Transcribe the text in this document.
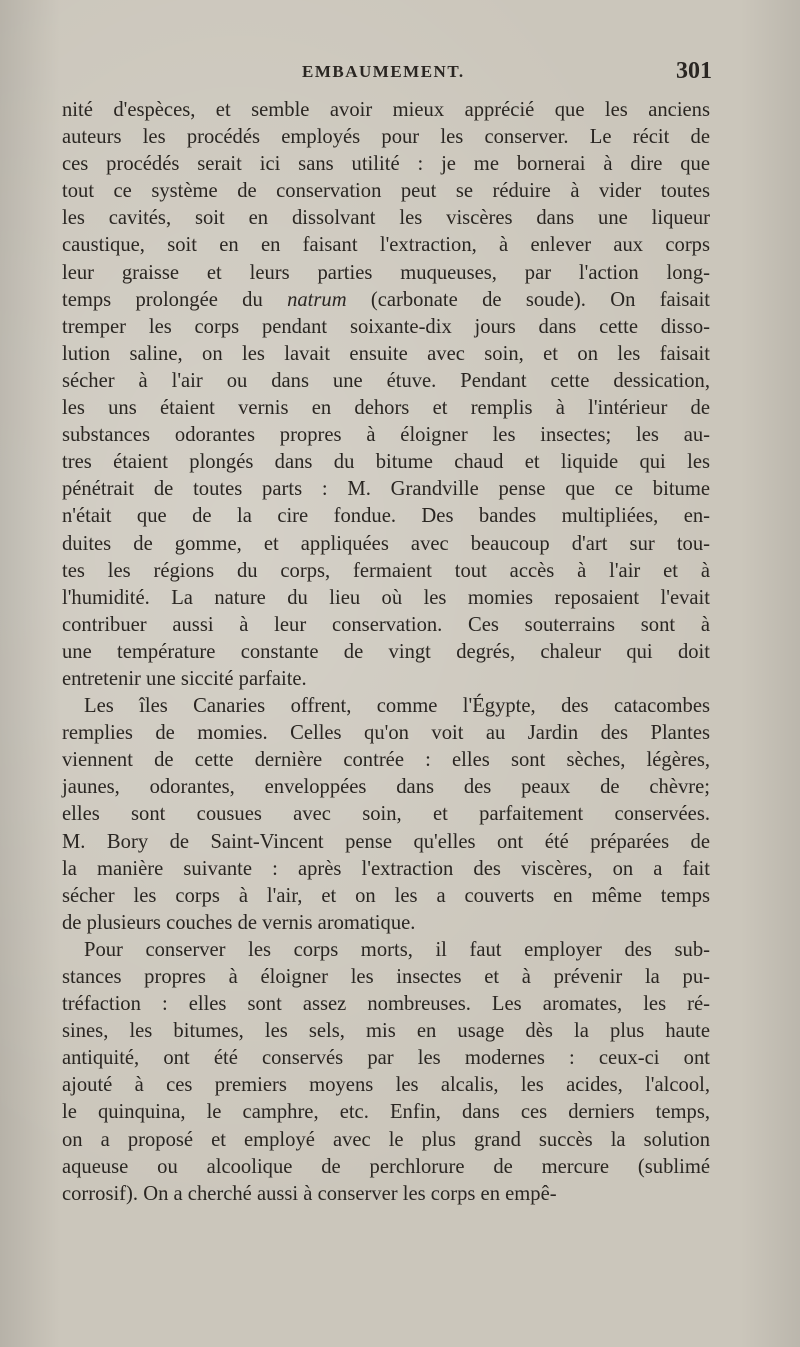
EMBAUMEMENT.	301
nité d'espèces, et semble avoir mieux apprécié que les anciens
auteurs les procédés employés pour les conserver. Le récit de
ces procédés serait ici sans utilité : je me bornerai à dire que
tout ce système de conservation peut se réduire à vider toutes
les cavités, soit en dissolvant les viscères dans une liqueur
caustique, soit en en faisant l'extraction, à enlever aux corps
leur graisse et leurs parties muqueuses, par l'action long-
temps prolongée du natrum (carbonate de soude). On faisait
tremper les corps pendant soixante-dix jours dans cette disso-
lution saline, on les lavait ensuite avec soin, et on les faisait
sécher à l'air ou dans une étuve. Pendant cette dessication,
les uns étaient vernis en dehors et remplis à l'intérieur de
substances odorantes propres à éloigner les insectes; les au-
tres étaient plongés dans du bitume chaud et liquide qui les
pénétrait de toutes parts : M. Grandville pense que ce bitume
n'était que de la cire fondue. Des bandes multipliées, en-
duites de gomme, et appliquées avec beaucoup d'art sur tou-
tes les régions du corps, fermaient tout accès à l'air et à
l'humidité. La nature du lieu où les momies reposaient l'evait
contribuer aussi à leur conservation. Ces souterrains sont à
une température constante de vingt degrés, chaleur qui doit
entretenir une siccité parfaite.
Les îles Canaries offrent, comme l'Égypte, des catacombes
remplies de momies. Celles qu'on voit au Jardin des Plantes
viennent de cette dernière contrée : elles sont sèches, légères,
jaunes, odorantes, enveloppées dans des peaux de chèvre;
elles sont cousues avec soin, et parfaitement conservées.
M. Bory de Saint-Vincent pense qu'elles ont été préparées de
la manière suivante : après l'extraction des viscères, on a fait
sécher les corps à l'air, et on les a couverts en même temps
de plusieurs couches de vernis aromatique.
Pour conserver les corps morts, il faut employer des sub-
stances propres à éloigner les insectes et à prévenir la pu-
tréfaction : elles sont assez nombreuses. Les aromates, les ré-
sines, les bitumes, les sels, mis en usage dès la plus haute
antiquité, ont été conservés par les modernes : ceux-ci ont
ajouté à ces premiers moyens les alcalis, les acides, l'alcool,
le quinquina, le camphre, etc. Enfin, dans ces derniers temps,
on a proposé et employé avec le plus grand succès la solution
aqueuse ou alcoolique de perchlorure de mercure (sublimé
corrosif). On a cherché aussi à conserver les corps en empê-
